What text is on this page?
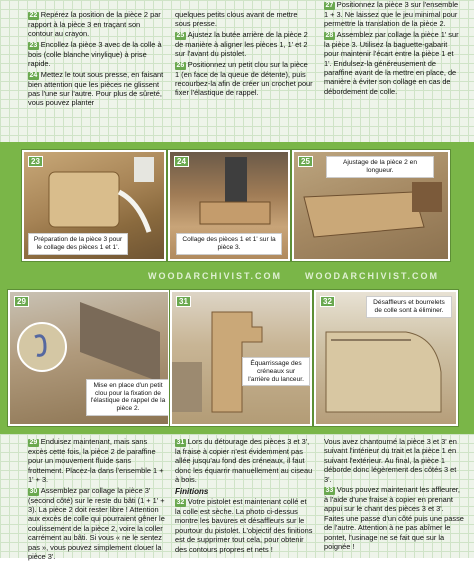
22 Repérez la position de la pièce 2 par rapport à la pièce 3 en traçant son contour au crayon.

23 Encollez la pièce 3 avec de la colle à bois (colle blanche vinylique) à prise rapide.

24 Mettez le tout sous presse, en faisant bien attention que les pièces ne glissent pas l'une sur l'autre. Pour plus de sûreté, vous pouvez planter

quelques petits clous avant de mettre sous presse.

25 Ajustez la butée arrière de la pièce 2 de manière à aligner les pièces 1, 1' et 2 sur l'avant du pistolet.

26 Positionnez un petit clou sur la pièce 1 (en face de la queue de détente), puis recourbez-la afin de créer un crochet pour fixer l'élastique de rappel.

27 Positionnez la pièce 3 sur l'ensemble 1 + 3. Ne laissez que le jeu minimal pour permettre la translation de la pièce 2.

28 Assemblez par collage la pièce 1' sur la pièce 3. Utilisez la baguette-gabarit pour maintenir l'écart entre la pièce 1 et 1'. Endulsez-la généreusement de paraffine avant de la mettre en place, de manière à éviter son collage en cas de débordement de colle.

WOODARCHIVIST.COM	WOODARCHIVIST.COM
23
Préparation de la pièce 3 pour le collage des pièces 1 et 1'.
24
Collage des pièces 1 et 1' sur la pièce 3.
25	Ajustage de la pièce 2 en longueur.
29
Mise en place d'un petit clou pour la fixation de l'élastique de rappel de la pièce 2.
31
Équarrissage des créneaux sur l'arrière du lanceur.
32	Désaffleurs et bourrelets de colle sont à éliminer.

29 Enduisez maintenant, mais sans excès cette fois, la pièce 2 de paraffine pour un mouvement fluide sans frottement. Placez-la dans l'ensemble 1 + 1' + 3.

30 Assemblez par collage la pièce 3' (second côté) sur le reste du bâti (1 + 1' + 3). La pièce 2 doit rester libre ! Attention aux excès de colle qui pourraient gêner le coulissement de la pièce 2, voire la coller carrément au bâti. Si vous « ne le sentez pas », vous pouvez simplement clouer la pièce 3'.

31 Lors du détourage des pièces 3 et 3', la fraise à copier n'est évidemment pas allée jusqu'au fond des créneaux, il faut donc les équarrir manuellement au ciseau à bois.

Finitions

32 Votre pistolet est maintenant collé et la colle est sèche. La photo ci-dessus montre les bavures et désaffleurs sur le pourtour du pistolet. L'objectif des finitions est de supprimer tout cela, pour obtenir des contours propres et nets !

Vous avez chantourné la pièce 3 et 3' en suivant l'intérieur du trait et la pièce 1 en suivant l'extérieur. Au final, la pièce 1 déborde donc légèrement des côtés 3 et 3'.

33 Vous pouvez maintenant les affleurer, à l'aide d'une fraise à copier en prenant appui sur le chant des pièces 3 et 3'. Faites une passe d'un côté puis une passe de l'autre. Attention à ne pas abîmer le pontet, l'usinage ne se fait que sur la poignée !
